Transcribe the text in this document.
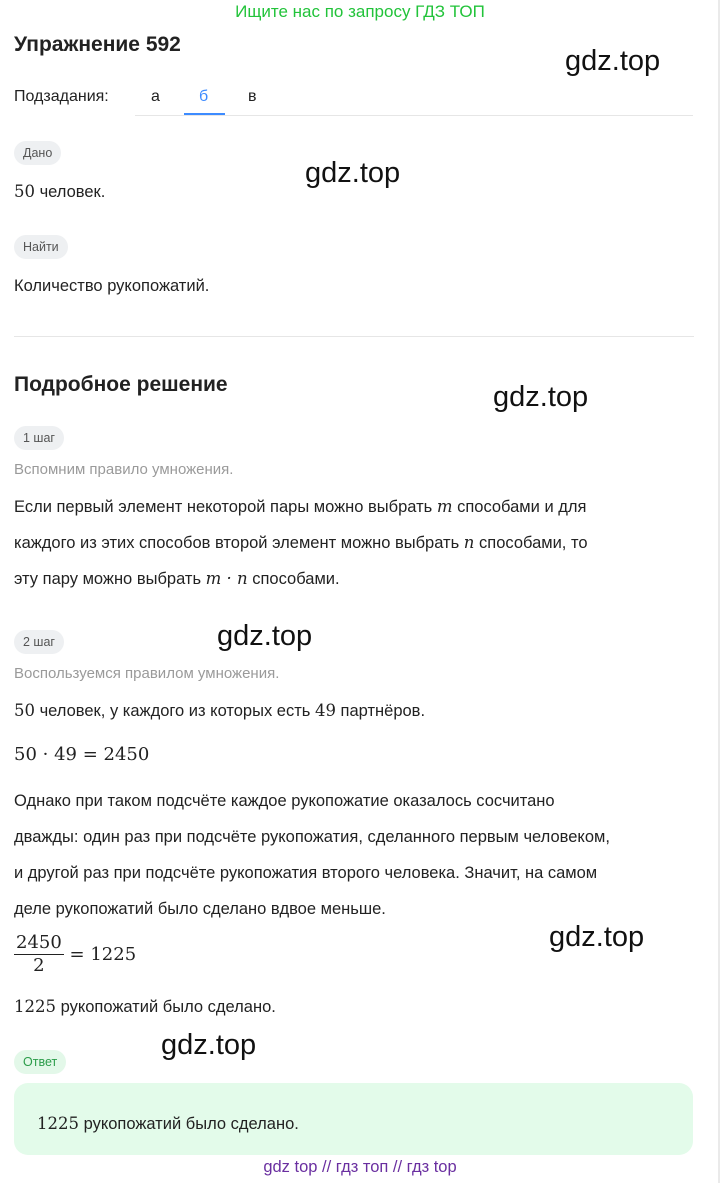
Ищите нас по запросу ГДЗ ТОП
Упражнение 592
gdz.top
Подзадания:	а б в
Дано
50 человек.
gdz.top
Найти
Количество рукопожатий.
Подробное решение	gdz.top
1 шаг
Вспомним правило умножения.
Если первый элемент некоторой пары можно выбрать m способами и для
каждого из этих способов второй элемент можно выбрать n способами, то
эту пару можно выбрать m · n способами.
2 шаг	gdz.top
Воспользуемся правилом умножения.
50 человек, у каждого из которых есть 49 партнёров.
50 · 49 = 2450
Однако при таком подсчёте каждое рукопожатие оказалось сосчитано
дважды: один раз при подсчёте рукопожатия, сделанного первым человеком,
и другой раз при подсчёте рукопожатия второго человека. Значит, на самом
деле рукопожатий было сделано вдвое меньше.
$\frac{2450}{2} = 1225$
gdz.top
1225 рукопожатий было сделано.
Ответ
gdz.top
1225 рукопожатий было сделано.
gdz top // гдз топ // гдз top
